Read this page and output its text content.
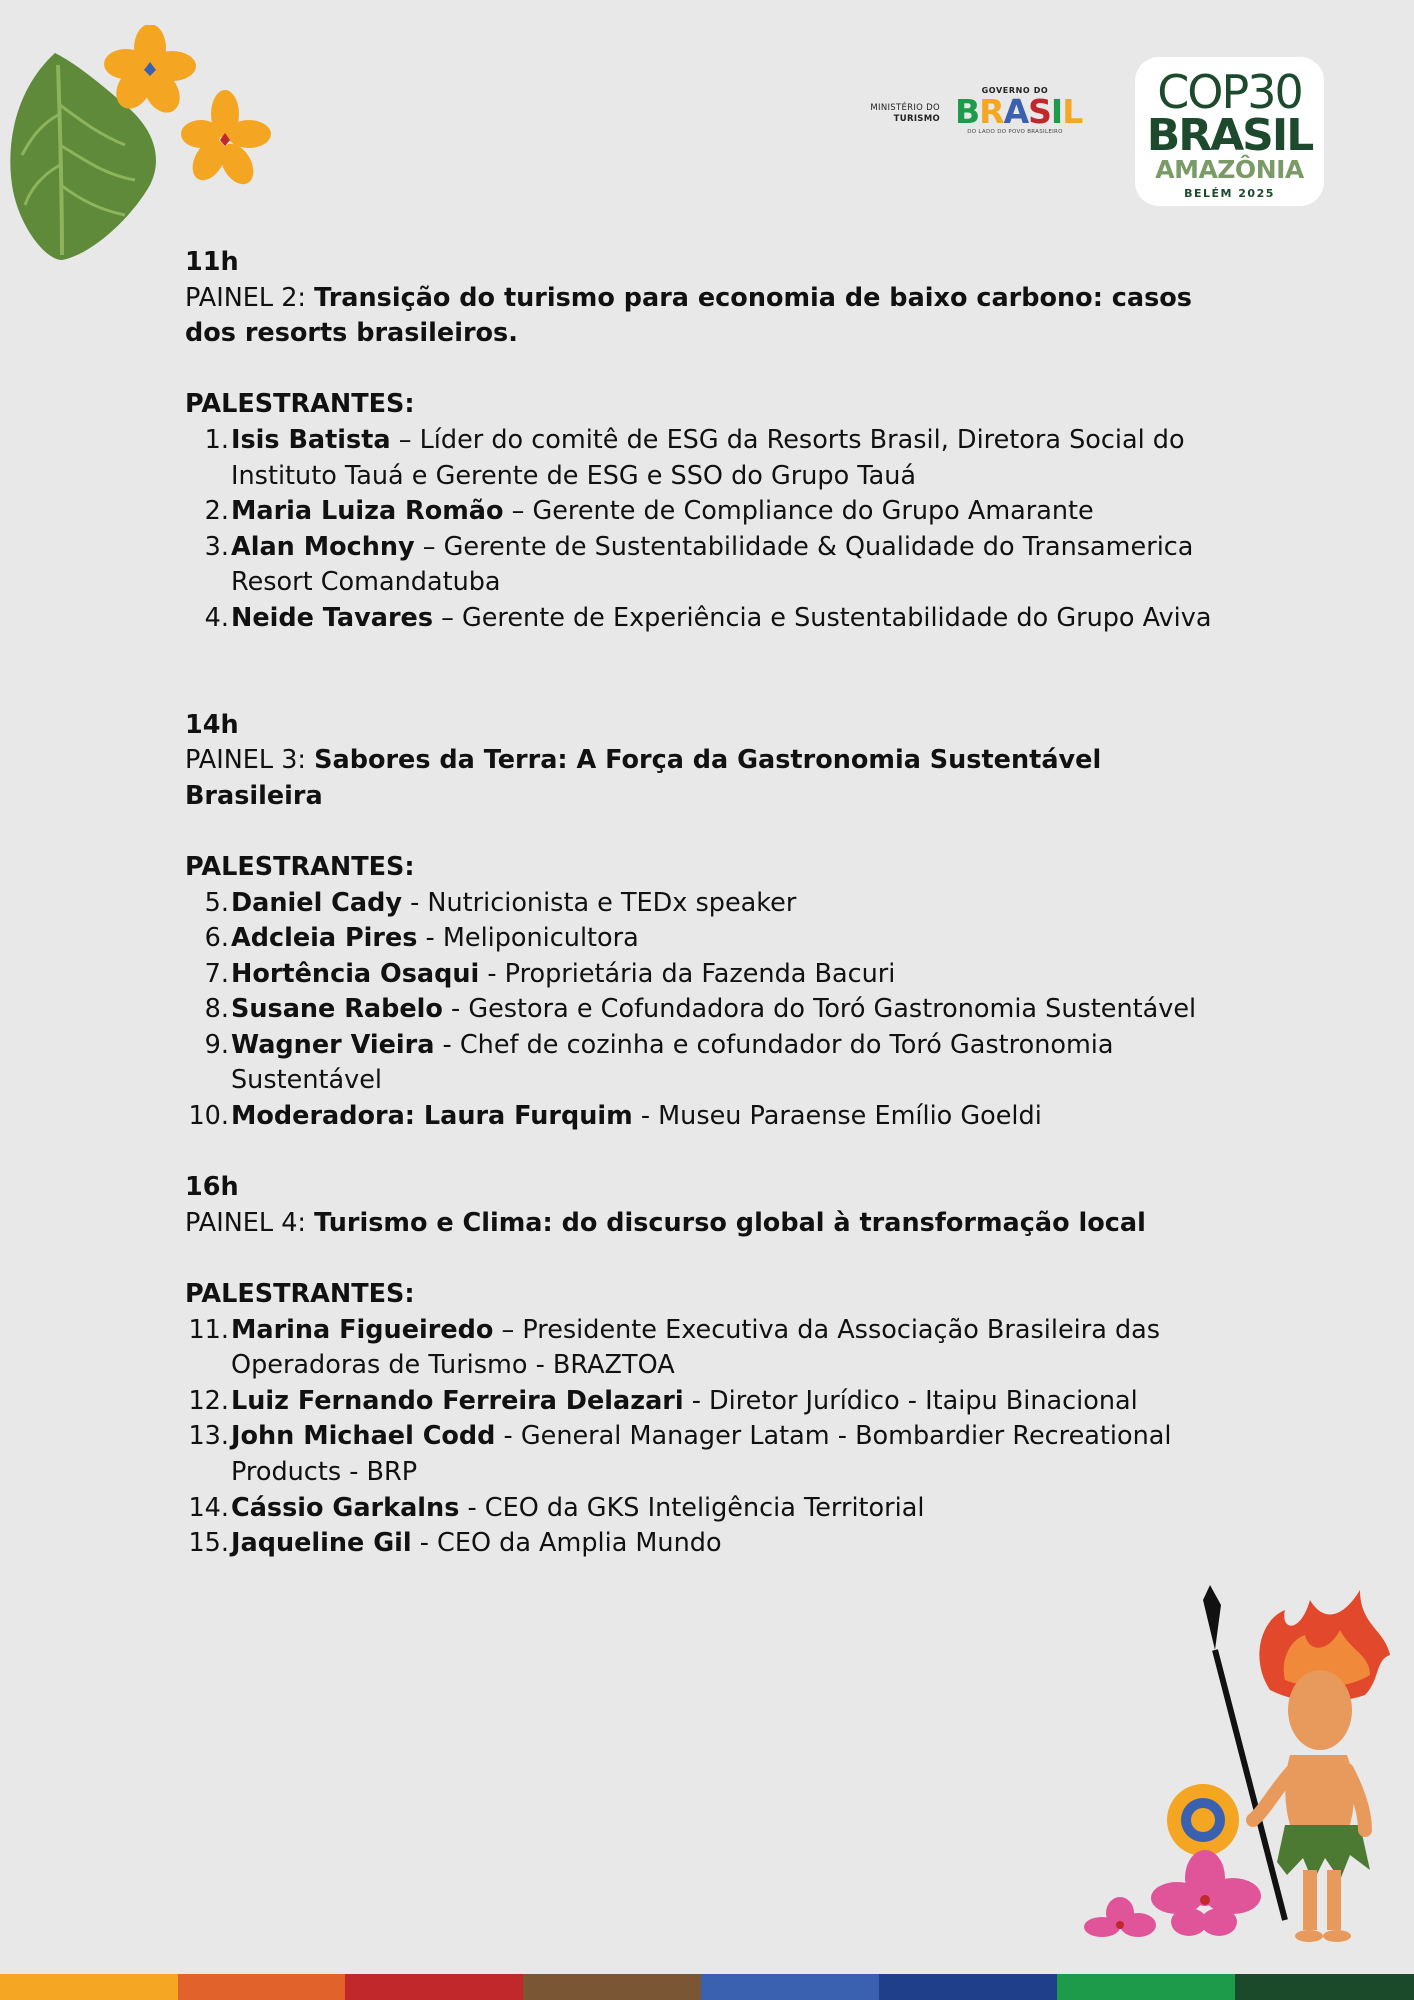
MINISTÉRIO DO
TURISMO
GOVERNO DO
BRASIL
DO LADO DO POVO BRASILEIRO
COP30
BRASIL
AMAZÔNIA
BELÉM 2025
11h
PAINEL 2: Transição do turismo para economia de baixo carbono: casos dos resorts brasileiros.
PALESTRANTES:
1. Isis Batista – Líder do comitê de ESG da Resorts Brasil, Diretora Social do Instituto Tauá e Gerente de ESG e SSO do Grupo Tauá
2. Maria Luiza Romão – Gerente de Compliance do Grupo Amarante
3. Alan Mochny – Gerente de Sustentabilidade & Qualidade do Transamerica Resort Comandatuba
4. Neide Tavares – Gerente de Experiência e Sustentabilidade do Grupo Aviva
14h
PAINEL 3: Sabores da Terra: A Força da Gastronomia Sustentável Brasileira
PALESTRANTES:
5. Daniel Cady - Nutricionista e TEDx speaker
6. Adcleia Pires - Meliponicultora
7. Hortência Osaqui - Proprietária da Fazenda Bacuri
8. Susane Rabelo - Gestora e Cofundadora do Toró Gastronomia Sustentável
9. Wagner Vieira - Chef de cozinha e cofundador do Toró Gastronomia Sustentável
10. Moderadora: Laura Furquim - Museu Paraense Emílio Goeldi
16h
PAINEL 4: Turismo e Clima: do discurso global à transformação local
PALESTRANTES:
11. Marina Figueiredo – Presidente Executiva da Associação Brasileira das Operadoras de Turismo - BRAZTOA
12. Luiz Fernando Ferreira Delazari - Diretor Jurídico - Itaipu Binacional
13. John Michael Codd - General Manager Latam - Bombardier Recreational Products - BRP
14. Cássio Garkalns - CEO da GKS Inteligência Territorial
15. Jaqueline Gil - CEO da Amplia Mundo
